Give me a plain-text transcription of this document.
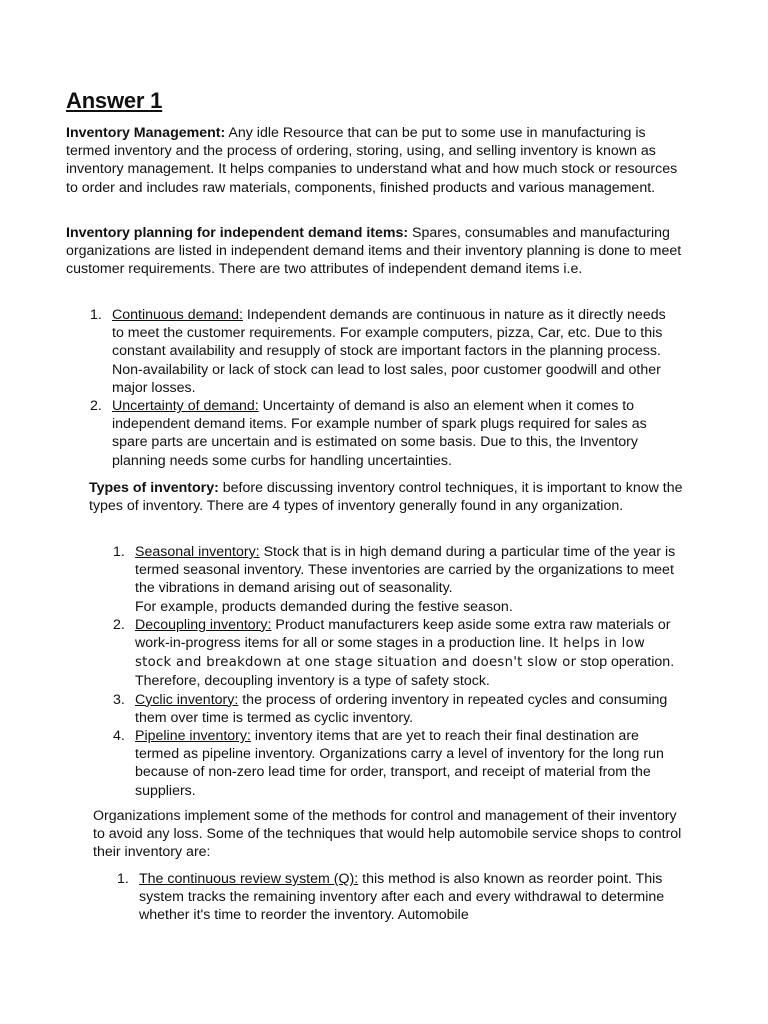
Answer 1

Inventory Management: Any idle Resource that can be put to some use in manufacturing is termed inventory and the process of ordering, storing, using, and selling inventory is known as inventory management. It helps companies to understand what and how much stock or resources to order and includes raw materials, components, finished products and various management.

Inventory planning for independent demand items: Spares, consumables and manufacturing organizations are listed in independent demand items and their inventory planning is done to meet customer requirements. There are two attributes of independent demand items i.e.

1. Continuous demand: Independent demands are continuous in nature as it directly needs to meet the customer requirements. For example computers, pizza, Car, etc. Due to this constant availability and resupply of stock are important factors in the planning process. Non-availability or lack of stock can lead to lost sales, poor customer goodwill and other major losses.
2. Uncertainty of demand: Uncertainty of demand is also an element when it comes to independent demand items. For example number of spark plugs required for sales as spare parts are uncertain and is estimated on some basis. Due to this, the Inventory planning needs some curbs for handling uncertainties.

Types of inventory: before discussing inventory control techniques, it is important to know the types of inventory. There are 4 types of inventory generally found in any organization.

1. Seasonal inventory: Stock that is in high demand during a particular time of the year is termed seasonal inventory. These inventories are carried by the organizations to meet the vibrations in demand arising out of seasonality.
For example, products demanded during the festive season.
2. Decoupling inventory: Product manufacturers keep aside some extra raw materials or work-in-progress items for all or some stages in a production line. It helps in low stock and breakdown at one stage situation and doesn't slow or stop operation. Therefore, decoupling inventory is a type of safety stock.
3. Cyclic inventory: the process of ordering inventory in repeated cycles and consuming them over time is termed as cyclic inventory.
4. Pipeline inventory: inventory items that are yet to reach their final destination are termed as pipeline inventory. Organizations carry a level of inventory for the long run because of non-zero lead time for order, transport, and receipt of material from the suppliers.

Organizations implement some of the methods for control and management of their inventory to avoid any loss. Some of the techniques that would help automobile service shops to control their inventory are:

1. The continuous review system (Q): this method is also known as reorder point. This system tracks the remaining inventory after each and every withdrawal to determine whether it's time to reorder the inventory. Automobile
